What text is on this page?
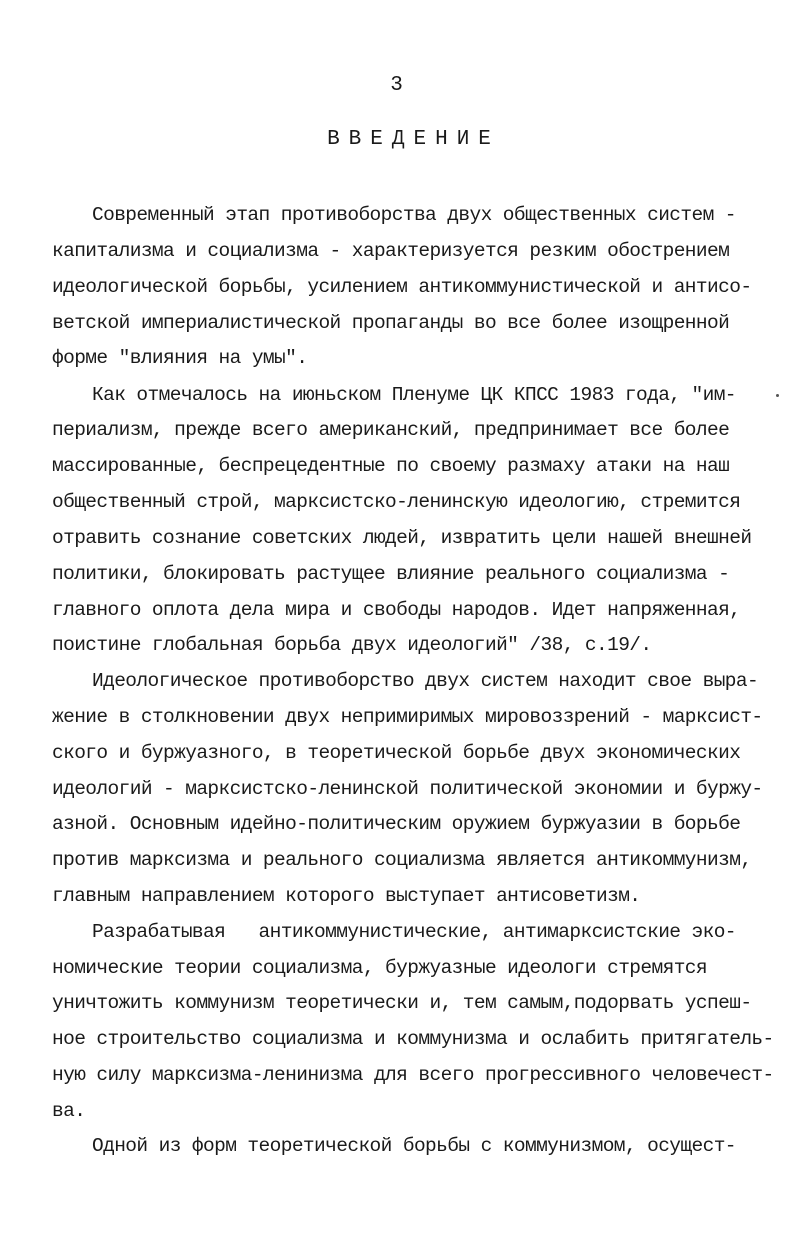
3
ВВЕДЕНИЕ
Современный этап противоборства двух общественных систем -
капитализма и социализма - характеризуется резким обострением
идеологической борьбы, усилением антикоммунистической и антисо-
ветской империалистической пропаганды во все более изощренной
форме "влияния на умы".
Как отмечалось на июньском Пленуме ЦК КПСС 1983 года, "им-
периализм, прежде всего американский, предпринимает все более
массированные, беспрецедентные по своему размаху атаки на наш
общественный строй, марксистско-ленинскую идеологию, стремится
отравить сознание советских людей, извратить цели нашей внешней
политики, блокировать растущее влияние реального социализма -
главного оплота дела мира и свободы народов. Идет напряженная,
поистине глобальная борьба двух идеологий" /38, с.19/.
Идеологическое противоборство двух систем находит свое выра-
жение в столкновении двух непримиримых мировоззрений - марксист-
ского и буржуазного, в теоретической борьбе двух экономических
идеологий - марксистско-ленинской политической экономии и буржу-
азной. Основным идейно-политическим оружием буржуазии в борьбе
против марксизма и реального социализма является антикоммунизм,
главным направлением которого выступает антисоветизм.
Разрабатывая   антикоммунистические, антимарксистские эко-
номические теории социализма, буржуазные идеологи стремятся
уничтожить коммунизм теоретически и, тем самым,подорвать успеш-
ное строительство социализма и коммунизма и ослабить притягатель-
ную силу марксизма-ленинизма для всего прогрессивного человечест-
ва.
Одной из форм теоретической борьбы с коммунизмом, осущест-
